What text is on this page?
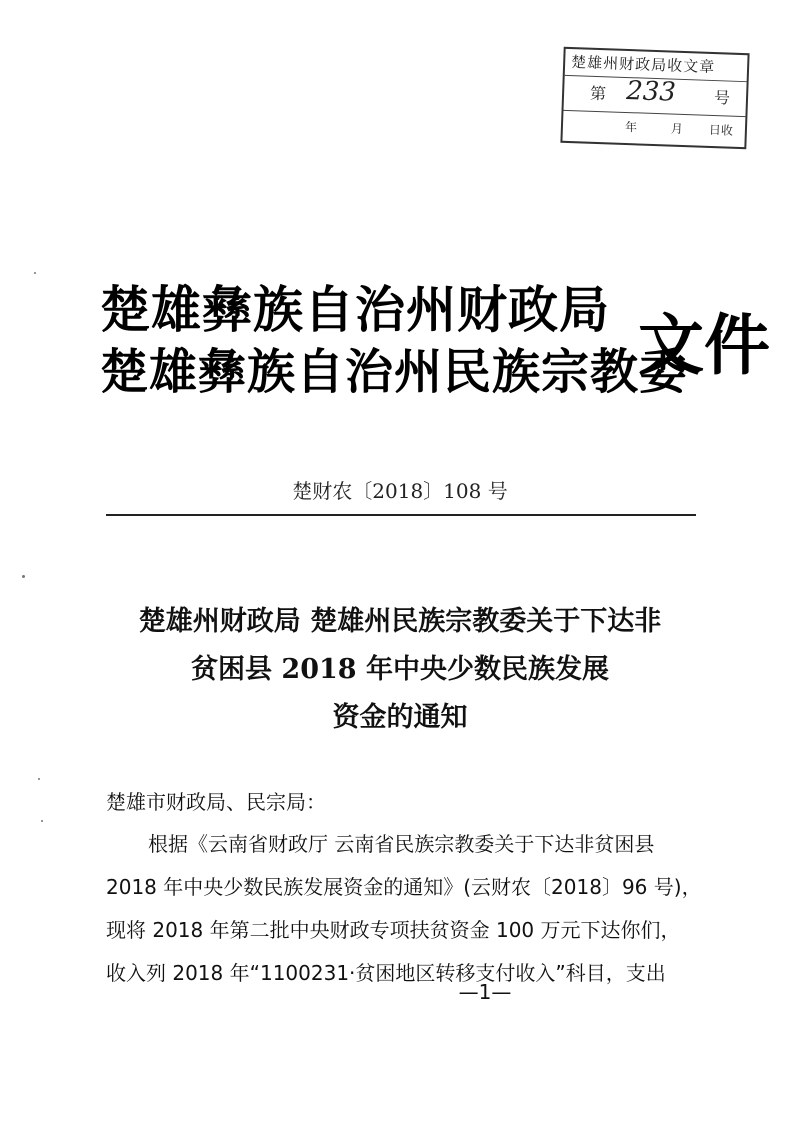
楚雄州财政局收文章
第 233 号
年	月 日收
楚雄彝族自治州财政局
楚雄彝族自治州民族宗教委
文件
楚财农〔2018〕108 号
楚雄州财政局 楚雄州民族宗教委关于下达非
贫困县 2018 年中央少数民族发展
资金的通知
楚雄市财政局、民宗局：
根据《云南省财政厅 云南省民族宗教委关于下达非贫困县
2018 年中央少数民族发展资金的通知》(云财农〔2018〕96 号)，
现将 2018 年第二批中央财政专项扶贫资金 100 万元下达你们，
收入列 2018 年“1100231·贫困地区转移支付收入”科目，支出
—1—
